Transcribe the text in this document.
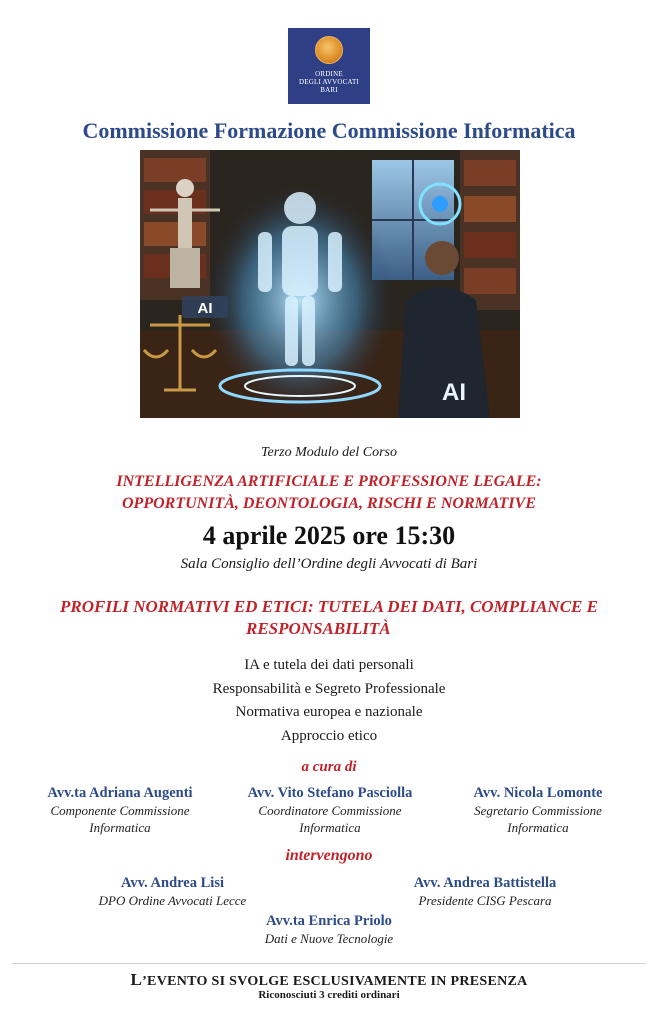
ORDINE
DEGLI AVVOCATI
BARI
Commissione Formazione Commissione Informatica
AI
AI
Terzo Modulo del Corso
INTELLIGENZA ARTIFICIALE E PROFESSIONE LEGALE:
OPPORTUNITÀ, DEONTOLOGIA, RISCHI E NORMATIVE
4 aprile 2025 ore 15:30
Sala Consiglio dell’Ordine degli Avvocati di Bari
PROFILI NORMATIVI ED ETICI: TUTELA DEI DATI, COMPLIANCE E
RESPONSABILITÀ
IA e tutela dei dati personali
Responsabilità e Segreto Professionale
Normativa europea e nazionale
Approccio etico
a cura di
Avv.ta Adriana Augenti
Componente Commissione
Informatica
Avv. Vito Stefano Pasciolla
Coordinatore Commissione
Informatica
Avv. Nicola Lomonte
Segretario Commissione
Informatica
intervengono
Avv. Andrea Lisi
DPO Ordine Avvocati Lecce
Avv. Andrea Battistella
Presidente CISG Pescara
Avv.ta Enrica Priolo
Dati e Nuove Tecnologie
L’EVENTO SI SVOLGE ESCLUSIVAMENTE IN PRESENZA
Riconosciuti 3 crediti ordinari
